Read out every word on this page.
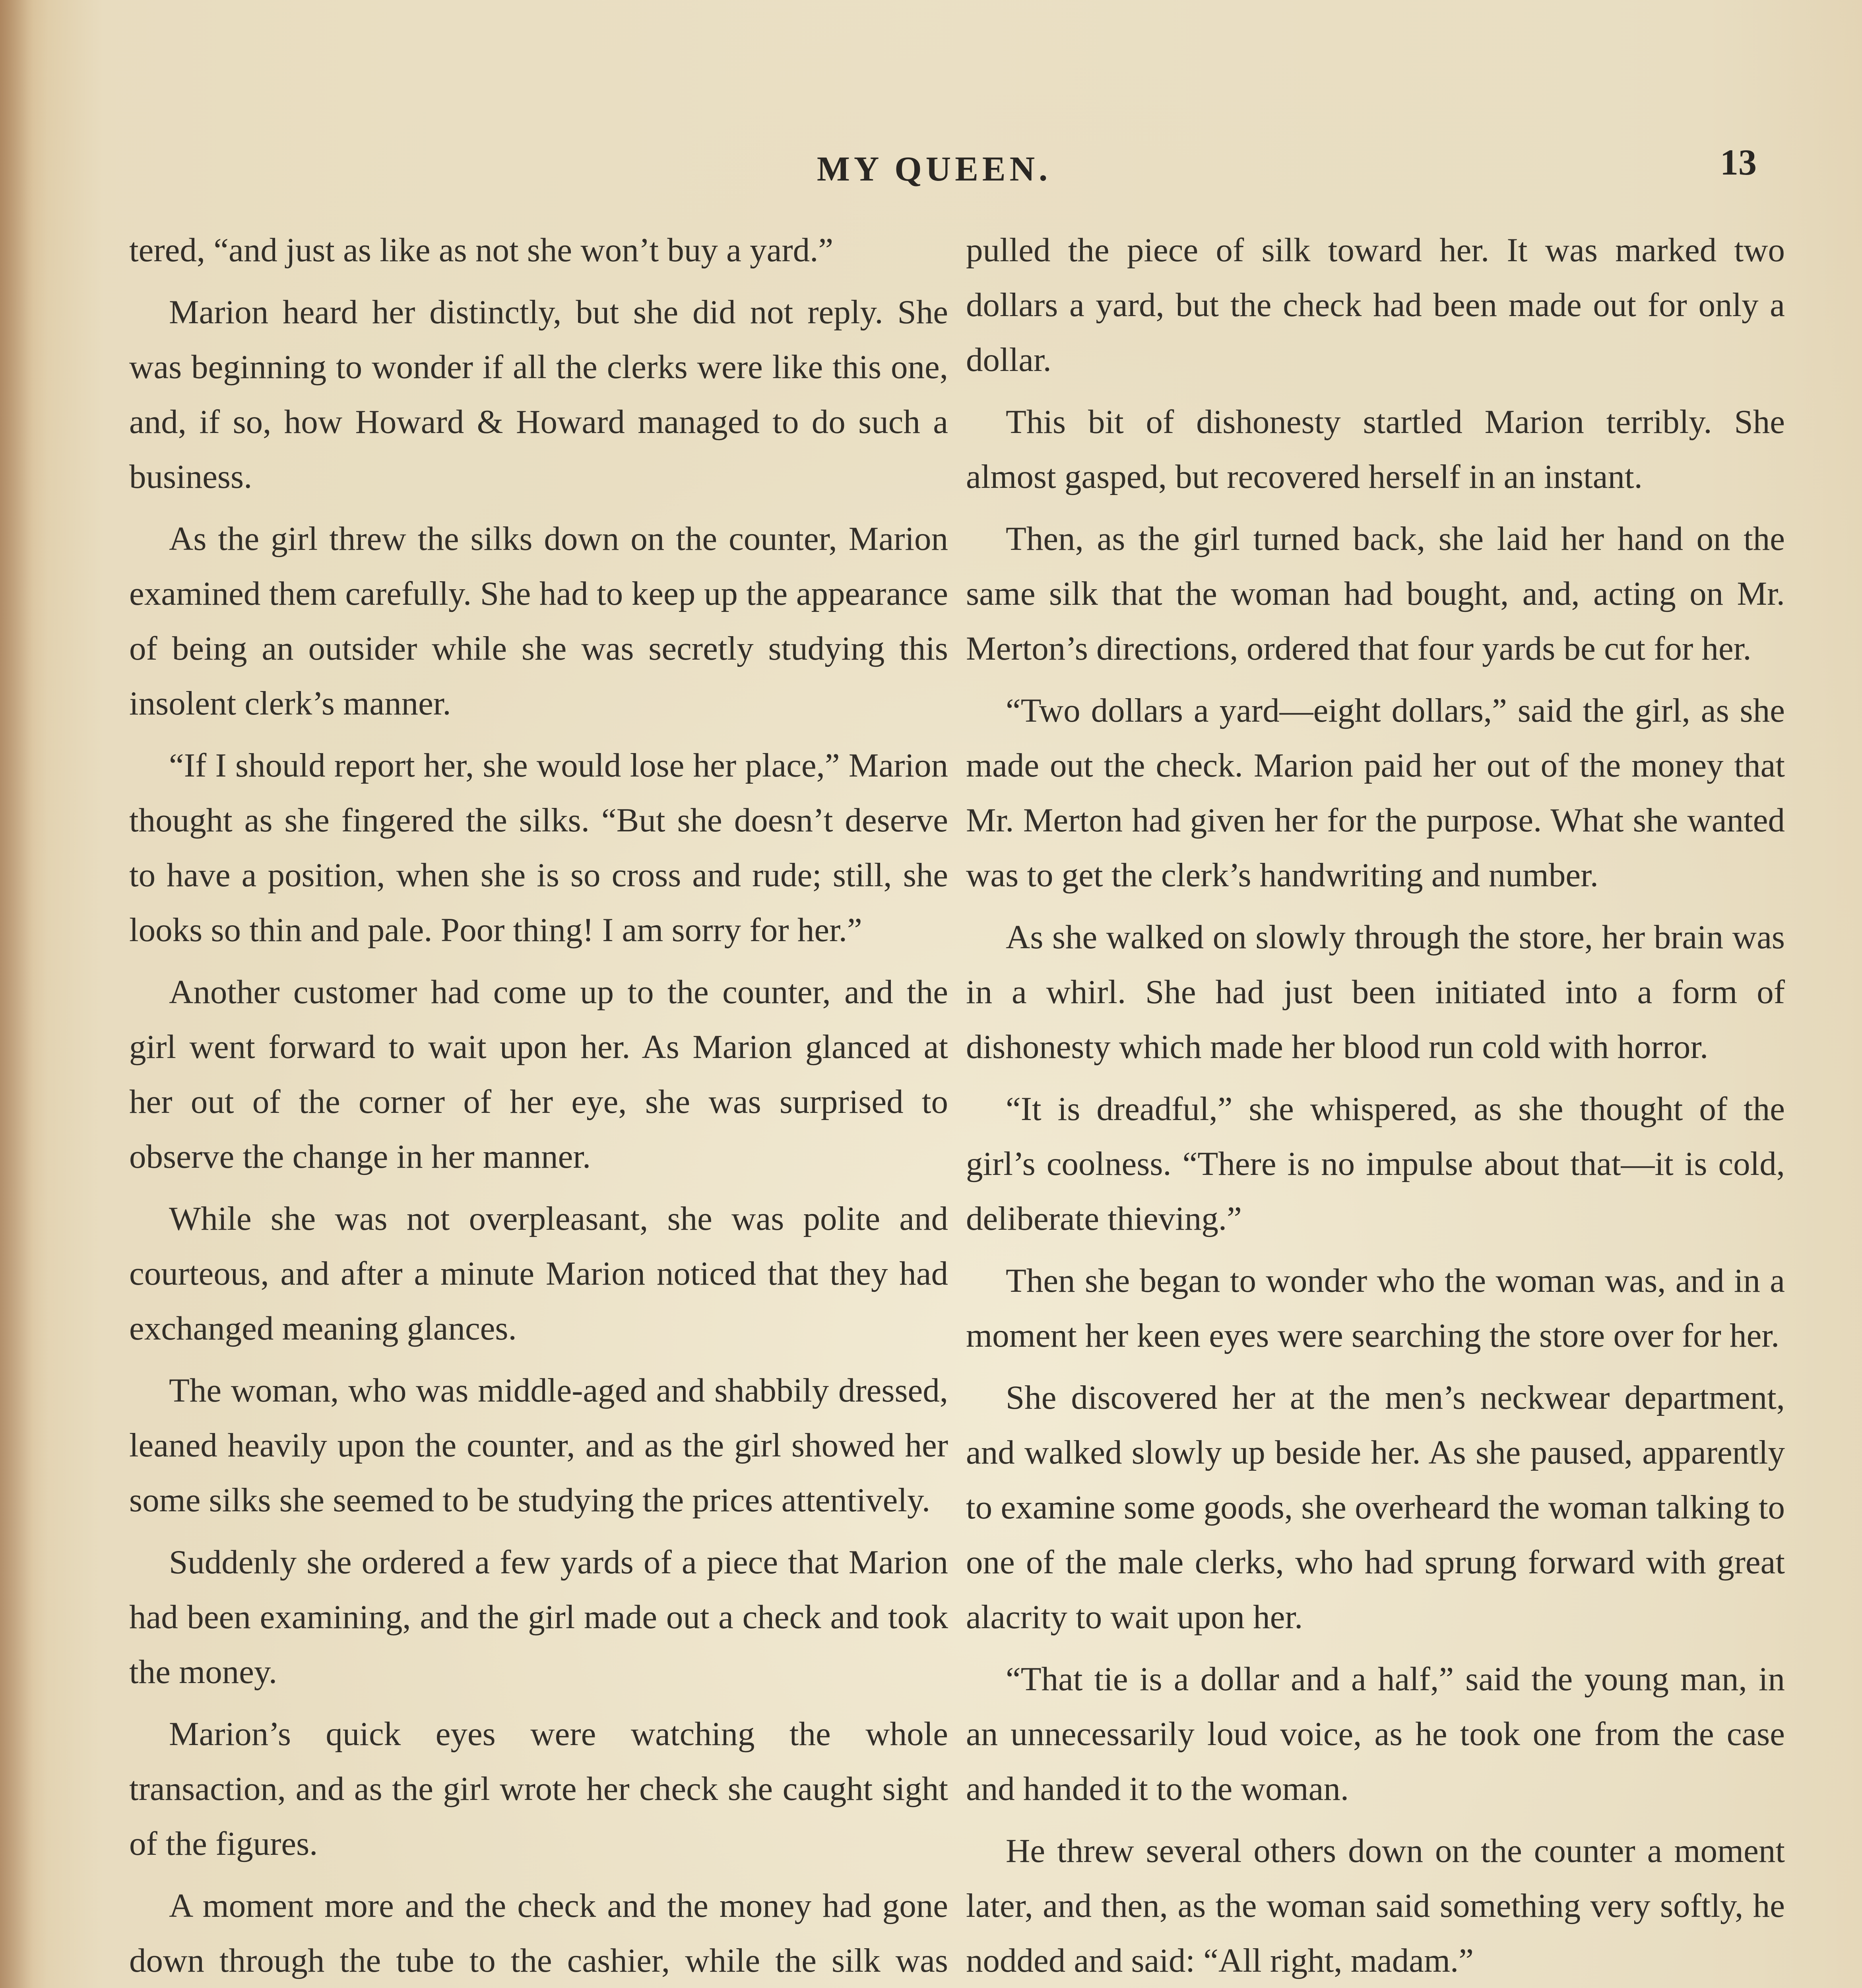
MY QUEEN.	13

tered, “and just as like as not she won’t buy a yard.”

Marion heard her distinctly, but she did not reply. She was beginning to wonder if all the clerks were like this one, and, if so, how Howard & Howard managed to do such a business.

As the girl threw the silks down on the counter, Marion examined them carefully. She had to keep up the appearance of being an outsider while she was secretly studying this insolent clerk’s manner.

“If I should report her, she would lose her place,” Marion thought as she fingered the silks. “But she doesn’t deserve to have a position, when she is so cross and rude; still, she looks so thin and pale. Poor thing! I am sorry for her.”

Another customer had come up to the counter, and the girl went forward to wait upon her. As Marion glanced at her out of the corner of her eye, she was surprised to observe the change in her manner.

While she was not overpleasant, she was polite and courteous, and after a minute Marion noticed that they had exchanged meaning glances.

The woman, who was middle-aged and shabbily dressed, leaned heavily upon the counter, and as the girl showed her some silks she seemed to be studying the prices attentively.

Suddenly she ordered a few yards of a piece that Marion had been examining, and the girl made out a check and took the money.

Marion’s quick eyes were watching the whole transaction, and as the girl wrote her check she caught sight of the figures.

A moment more and the check and the money had gone down through the tube to the cashier, while the silk was

pulled the piece of silk toward her. It was marked two dollars a yard, but the check had been made out for only a dollar.

This bit of dishonesty startled Marion terribly. She almost gasped, but recovered herself in an instant.

Then, as the girl turned back, she laid her hand on the same silk that the woman had bought, and, acting on Mr. Merton’s directions, ordered that four yards be cut for her.

“Two dollars a yard—eight dollars,” said the girl, as she made out the check. Marion paid her out of the money that Mr. Merton had given her for the purpose. What she wanted was to get the clerk’s handwriting and number.

As she walked on slowly through the store, her brain was in a whirl. She had just been initiated into a form of dishonesty which made her blood run cold with horror.

“It is dreadful,” she whispered, as she thought of the girl’s coolness. “There is no impulse about that—it is cold, deliberate thieving.”

Then she began to wonder who the woman was, and in a moment her keen eyes were searching the store over for her.

She discovered her at the men’s neckwear department, and walked slowly up beside her. As she paused, apparently to examine some goods, she overheard the woman talking to one of the male clerks, who had sprung forward with great alacrity to wait upon her.

“That tie is a dollar and a half,” said the young man, in an unnecessarily loud voice, as he took one from the case and handed it to the woman.

He threw several others down on the counter a moment later, and then, as the woman said something very softly, he nodded and said: “All right, madam.”
